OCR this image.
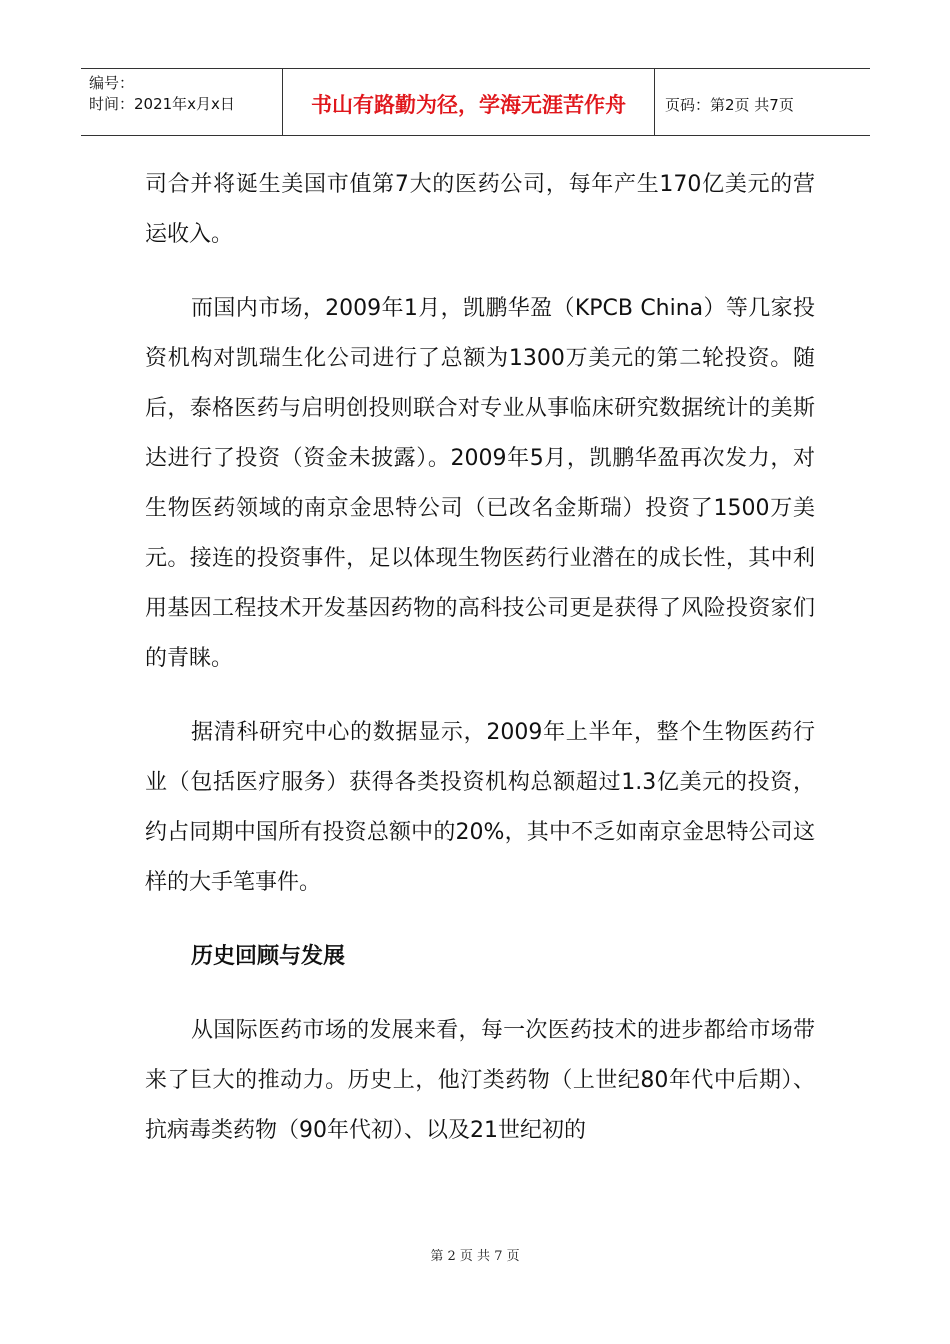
编号：
时间：2021年x月x日	书山有路勤为径，学海无涯苦作舟	页码：第2页 共7页

司合并将诞生美国市值第7大的医药公司，每年产生170亿美元的营运收入。

而国内市场，2009年1月，凯鹏华盈（KPCB China）等几家投资机构对凯瑞生化公司进行了总额为1300万美元的第二轮投资。随后，泰格医药与启明创投则联合对专业从事临床研究数据统计的美斯达进行了投资（资金未披露）。2009年5月，凯鹏华盈再次发力，对生物医药领域的南京金思特公司（已改名金斯瑞）投资了1500万美元。接连的投资事件，足以体现生物医药行业潜在的成长性，其中利用基因工程技术开发基因药物的高科技公司更是获得了风险投资家们的青睐。

据清科研究中心的数据显示，2009年上半年，整个生物医药行业（包括医疗服务）获得各类投资机构总额超过1.3亿美元的投资，约占同期中国所有投资总额中的20%，其中不乏如南京金思特公司这样的大手笔事件。

历史回顾与发展

从国际医药市场的发展来看，每一次医药技术的进步都给市场带来了巨大的推动力。历史上，他汀类药物（上世纪80年代中后期）、抗病毒类药物（90年代初）、以及21世纪初的

第 2 页 共 7 页
